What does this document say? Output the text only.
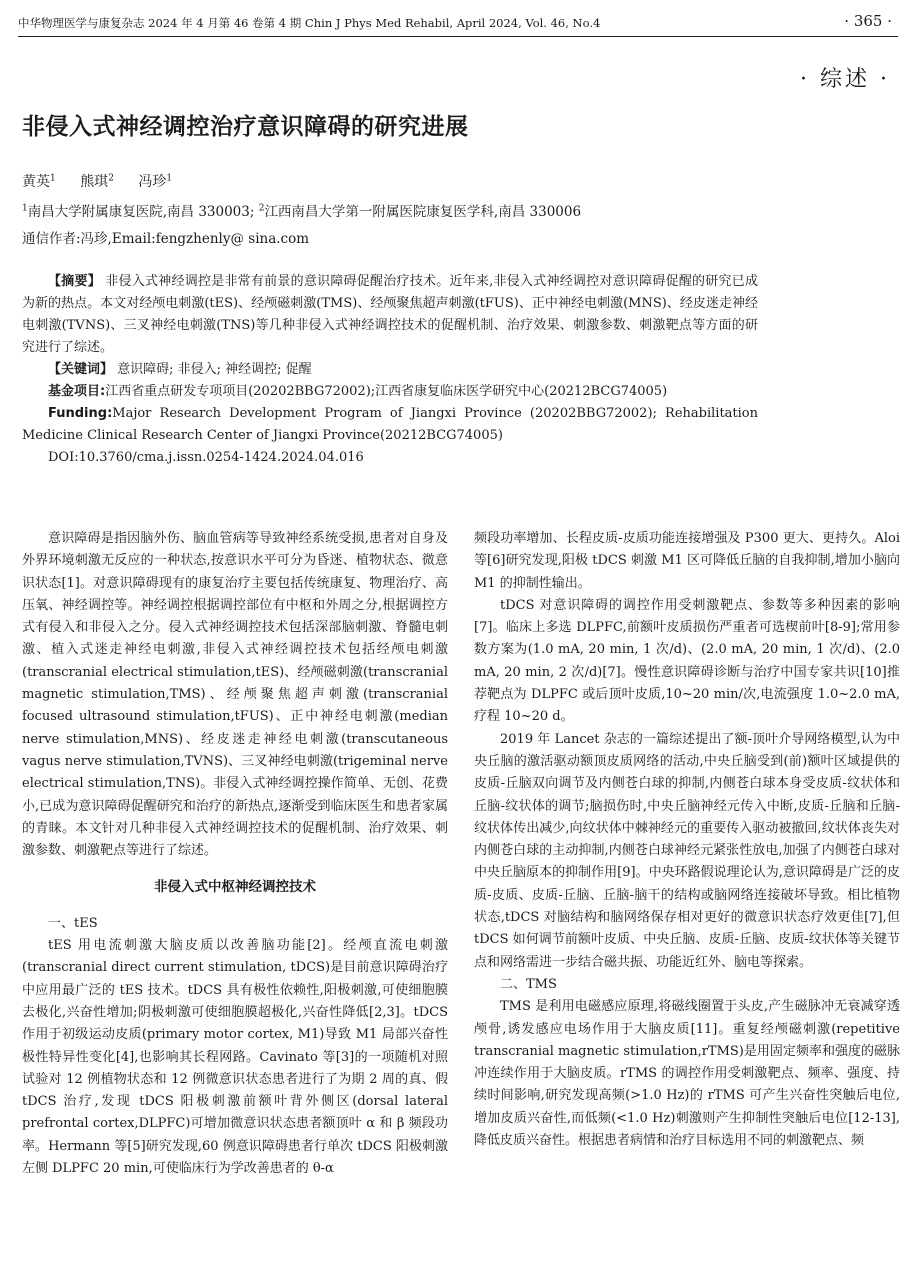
中华物理医学与康复杂志 2024 年 4 月第 46 卷第 4 期 Chin J Phys Med Rehabil, April 2024, Vol. 46, No.4	· 365 ·
· 综述 ·
非侵入式神经调控治疗意识障碍的研究进展
黄英$^1$ 熊琪$^2$ 冯珍$^1$
$^1$南昌大学附属康复医院,南昌 330003; $^2$江西南昌大学第一附属医院康复医学科,南昌 330006
通信作者:冯珍,Email:fengzhenly@ sina.com

【摘要】 非侵入式神经调控是非常有前景的意识障碍促醒治疗技术。近年来,非侵入式神经调控对意识障碍促醒的研究已成为新的热点。本文对经颅电刺激(tES)、经颅磁刺激(TMS)、经颅聚焦超声刺激(tFUS)、正中神经电刺激(MNS)、经皮迷走神经电刺激(TVNS)、三叉神经电刺激(TNS)等几种非侵入式神经调控技术的促醒机制、治疗效果、刺激参数、刺激靶点等方面的研究进行了综述。

【关键词】 意识障碍; 非侵入; 神经调控; 促醒

基金项目:江西省重点研发专项项目(20202BBG72002);江西省康复临床医学研究中心(20212BCG74005)

Funding:Major Research Development Program of Jiangxi Province (20202BBG72002); Rehabilitation Medicine Clinical Research Center of Jiangxi Province(20212BCG74005)

DOI:10.3760/cma.j.issn.0254-1424.2024.04.016

意识障碍是指因脑外伤、脑血管病等导致神经系统受损,患者对自身及外界环境刺激无反应的一种状态,按意识水平可分为昏迷、植物状态、微意识状态[1]。对意识障碍现有的康复治疗主要包括传统康复、物理治疗、高压氧、神经调控等。神经调控根据调控部位有中枢和外周之分,根据调控方式有侵入和非侵入之分。侵入式神经调控技术包括深部脑刺激、脊髓电刺激、植入式迷走神经电刺激,非侵入式神经调控技术包括经颅电刺激(transcranial electrical stimulation,tES)、经颅磁刺激(transcranial magnetic stimulation,TMS)、经颅聚焦超声刺激(transcranial focused ultrasound stimulation,tFUS)、正中神经电刺激(median nerve stimulation,MNS)、经皮迷走神经电刺激(transcutaneous vagus nerve stimulation,TVNS)、三叉神经电刺激(trigeminal nerve electrical stimulation,TNS)。非侵入式神经调控操作简单、无创、花费小,已成为意识障碍促醒研究和治疗的新热点,逐渐受到临床医生和患者家属的青睐。本文针对几种非侵入式神经调控技术的促醒机制、治疗效果、刺激参数、刺激靶点等进行了综述。

非侵入式中枢神经调控技术
一、tES

tES 用电流刺激大脑皮质以改善脑功能[2]。经颅直流电刺激(transcranial direct current stimulation, tDCS)是目前意识障碍治疗中应用最广泛的 tES 技术。tDCS 具有极性依赖性,阳极刺激,可使细胞膜去极化,兴奋性增加;阴极刺激可使细胞膜超极化,兴奋性降低[2,3]。tDCS 作用于初级运动皮质(primary motor cortex, M1)导致 M1 局部兴奋性极性特异性变化[4],也影响其长程网路。Cavinato 等[3]的一项随机对照试验对 12 例植物状态和 12 例微意识状态患者进行了为期 2 周的真、假 tDCS 治疗,发现 tDCS 阳极刺激前额叶背外侧区(dorsal lateral prefrontal cortex,DLPFC)可增加微意识状态患者额顶叶 α 和 β 频段功率。Hermann 等[5]研究发现,60 例意识障碍患者行单次 tDCS 阳极刺激左侧 DLPFC 20 min,可使临床行为学改善患者的 θ-α

频段功率增加、长程皮质-皮质功能连接增强及 P300 更大、更持久。Aloi 等[6]研究发现,阳极 tDCS 刺激 M1 区可降低丘脑的自我抑制,增加小脑向 M1 的抑制性输出。

tDCS 对意识障碍的调控作用受刺激靶点、参数等多种因素的影响[7]。临床上多选 DLPFC,前额叶皮质损伤严重者可选楔前叶[8-9];常用参数方案为(1.0 mA, 20 min, 1 次/d)、(2.0 mA, 20 min, 1 次/d)、(2.0 mA, 20 min, 2 次/d)[7]。慢性意识障碍诊断与治疗中国专家共识[10]推荐靶点为 DLPFC 或后顶叶皮质,10~20 min/次,电流强度 1.0~2.0 mA,疗程 10~20 d。

2019 年 Lancet 杂志的一篇综述提出了额-顶叶介导网络模型,认为中央丘脑的激活驱动额顶皮质网络的活动,中央丘脑受到(前)额叶区域提供的皮质-丘脑双向调节及内侧苍白球的抑制,内侧苍白球本身受皮质-纹状体和丘脑-纹状体的调节;脑损伤时,中央丘脑神经元传入中断,皮质-丘脑和丘脑-纹状体传出减少,向纹状体中棘神经元的重要传入驱动被撤回,纹状体丧失对内侧苍白球的主动抑制,内侧苍白球神经元紧张性放电,加强了内侧苍白球对中央丘脑原本的抑制作用[9]。中央环路假说理论认为,意识障碍是广泛的皮质-皮质、皮质-丘脑、丘脑-脑干的结构或脑网络连接破坏导致。相比植物状态,tDCS 对脑结构和脑网络保存相对更好的微意识状态疗效更佳[7],但 tDCS 如何调节前额叶皮质、中央丘脑、皮质-丘脑、皮质-纹状体等关键节点和网络需进一步结合磁共振、功能近红外、脑电等探索。

二、TMS

TMS 是利用电磁感应原理,将磁线圈置于头皮,产生磁脉冲无衰减穿透颅骨,诱发感应电场作用于大脑皮质[11]。重复经颅磁刺激(repetitive transcranial magnetic stimulation,rTMS)是用固定频率和强度的磁脉冲连续作用于大脑皮质。rTMS 的调控作用受刺激靶点、频率、强度、持续时间影响,研究发现高频(>1.0 Hz)的 rTMS 可产生兴奋性突触后电位,增加皮质兴奋性,而低频(<1.0 Hz)刺激则产生抑制性突触后电位[12-13],降低皮质兴奋性。根据患者病情和治疗目标选用不同的刺激靶点、频
